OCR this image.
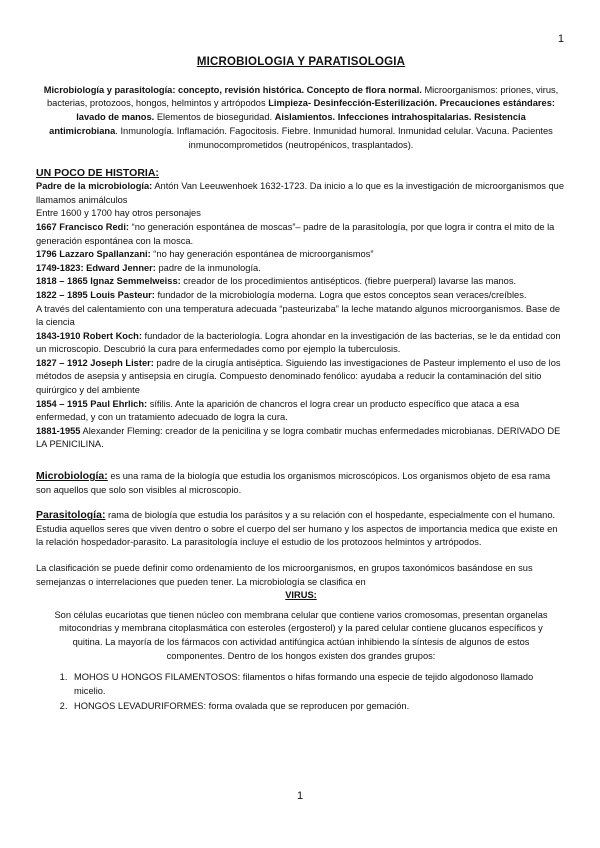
1

MICROBIOLOGIA Y PARATISOLOGIA

Microbiología y parasitología: concepto, revisión histórica. Concepto de flora normal. Microorganismos: priones, virus, bacterias, protozoos, hongos, helmintos y artrópodos Limpieza- Desinfección-Esterilización. Precauciones estándares: lavado de manos. Elementos de bioseguridad. Aislamientos. Infecciones intrahospitalarias. Resistencia antimicrobiana. Inmunología. Inflamación. Fagocitosis. Fiebre. Inmunidad humoral. Inmunidad celular. Vacuna. Pacientes inmunocomprometidos (neutropénicos, trasplantados).

UN POCO DE HISTORIA:

Padre de la microbiología: Antón Van Leeuwenhoek 1632-1723. Da inicio a lo que es la investigación de microorganismos que llamamos animálculos

Entre 1600 y 1700 hay otros personajes

1667 Francisco Redi: “no generación espontánea de moscas”– padre de la parasitología, por que logra ir contra el mito de la generación espontánea con la mosca.

1796 Lazzaro Spallanzani: “no hay generación espontánea de microorganismos”

1749-1823: Edward Jenner: padre de la inmunología.

1818 – 1865 Ignaz Semmelweiss: creador de los procedimientos antisépticos. (fiebre puerperal) lavarse las manos.

1822 – 1895 Louis Pasteur: fundador de la microbiología moderna. Logra que estos conceptos sean veraces/creíbles.

A través del calentamiento con una temperatura adecuada “pasteurizaba” la leche matando algunos microorganismos. Base de la ciencia

1843-1910 Robert Koch: fundador de la bacteriología. Logra ahondar en la investigación de las bacterias, se le da entidad con un microscopio. Descubrió la cura para enfermedades como por ejemplo la tuberculosis.

1827 – 1912 Joseph Lister: padre de la cirugía antiséptica. Siguiendo las investigaciones de Pasteur implemento el uso de los métodos de asepsia y antisepsia en cirugía. Compuesto denominado fenólico: ayudaba a reducir la contaminación del sitio quirúrgico y del ambiente

1854 – 1915 Paul Ehrlich: sífilis. Ante la aparición de chancros el logra crear un producto específico que ataca a esa enfermedad, y con un tratamiento adecuado de logra la cura.

1881-1955 Alexander Fleming: creador de la penicilina y se logra combatir muchas enfermedades microbianas. DERIVADO DE LA PENICILINA.

Microbiología: es una rama de la biología que estudia los organismos microscópicos. Los organismos objeto de esa rama son aquellos que solo son visibles al microscopio.

Parasitología: rama de biología que estudia los parásitos y a su relación con el hospedante, especialmente con el humano.

Estudia aquellos seres que viven dentro o sobre el cuerpo del ser humano y los aspectos de importancia medica que existe en la relación hospedador-parasito. La parasitología incluye el estudio de los protozoos helmintos y artrópodos.

La clasificación se puede definir como ordenamiento de los microorganismos, en grupos taxonómicos basándose en sus semejanzas o interrelaciones que pueden tener. La microbiología se clasifica en

VIRUS:

Son células eucariotas que tienen núcleo con membrana celular que contiene varios cromosomas, presentan organelas mitocondrias y membrana citoplasmática con esteroles (ergosterol) y la pared celular contiene glucanos específicos y quitina. La mayoría de los fármacos con actividad antifúngica actúan inhibiendo la síntesis de algunos de estos componentes. Dentro de los hongos existen dos grandes grupos:

1. MOHOS U HONGOS FILAMENTOSOS: filamentos o hifas formando una especie de tejido algodonoso llamado micelio.
2. HONGOS LEVADURIFORMES: forma ovalada que se reproducen por gemación.
1
